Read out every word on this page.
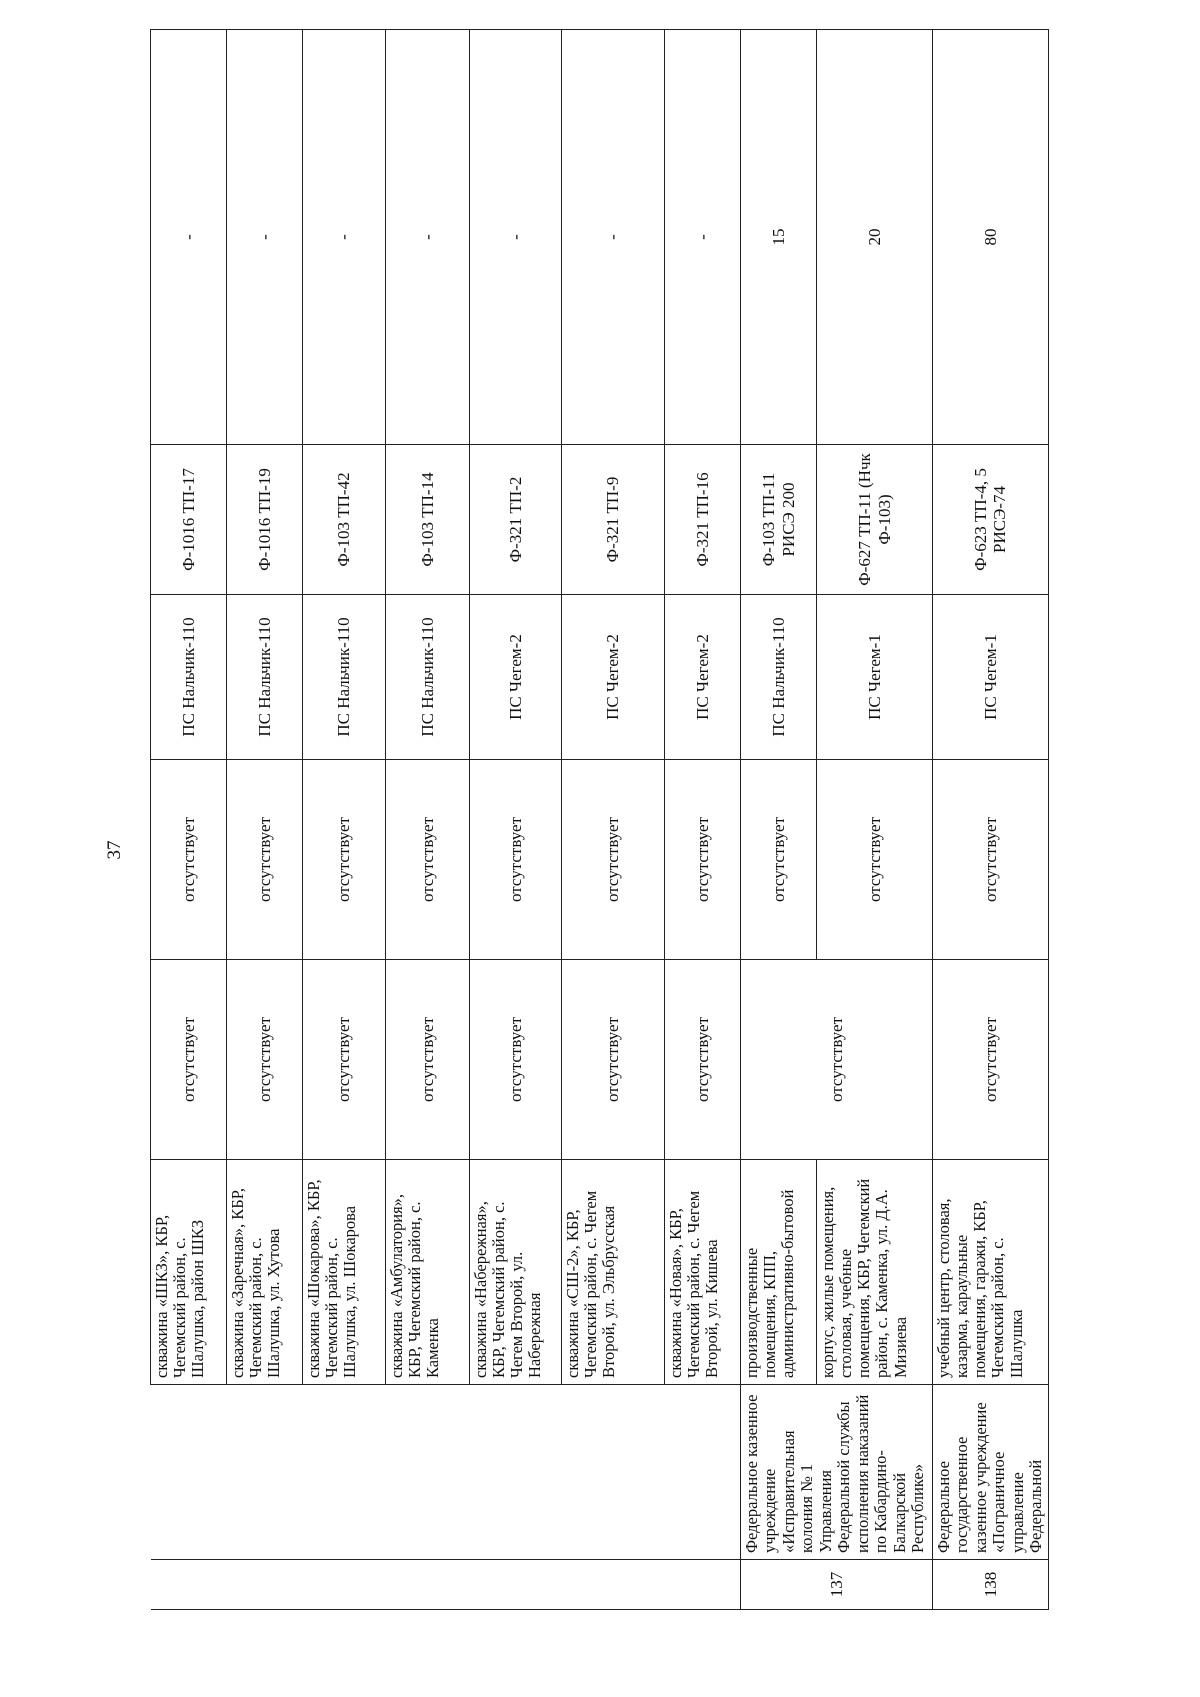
37
		скважина «ШКЗ», КБР, Чегемский район, с. Шалушка, район ШКЗ	отсутствует	отсутствует	ПС Нальчик-110	Ф-1016 ТП-17	-
		скважина «Заречная», КБР, Чегемский район, с. Шалушка, ул. Хутова	отсутствует	отсутствует	ПС Нальчик-110	Ф-1016 ТП-19	-
		скважина «Шокарова», КБР, Чегемский район, с. Шалушка, ул. Шокарова	отсутствует	отсутствует	ПС Нальчик-110	Ф-103 ТП-42	-
		скважина «Амбулатория», КБР, Чегемский район, с. Каменка	отсутствует	отсутствует	ПС Нальчик-110	Ф-103 ТП-14	-
		скважина «Набережная», КБР, Чегемский район, с. Чегем Второй, ул. Набережная	отсутствует	отсутствует	ПС Чегем-2	Ф-321 ТП-2	-
		скважина «СШ-2», КБР, Чегемский район, с. Чегем Второй, ул. Эльбрусская	отсутствует	отсутствует	ПС Чегем-2	Ф-321 ТП-9	-
		скважина «Новая», КБР, Чегемский район, с. Чегем Второй, ул. Кишева	отсутствует	отсутствует	ПС Чегем-2	Ф-321 ТП-16	-
137	Федеральное казенное учреждение «Исправительная колония № 1 Управления Федеральной службы исполнения наказаний по Кабардино-Балкарской Республике»	производственные помещения, КПП, административно-бытовой	отсутствует	отсутствует	ПС Нальчик-110	Ф-103 ТП-11 РИСЭ 200	15
		корпус, жилые помещения, столовая, учебные помещения, КБР, Чегемский район, с. Каменка, ул. Д.А. Мизиева		отсутствует	ПС Чегем-1	Ф-627 ТП-11 (Нчк Ф-103)	20
138	Федеральное государственное казенное учреждение «Пограничное управление Федеральной	учебный центр, столовая, казарма, караульные помещения, гаражи, КБР, Чегемский район, с. Шалушка	отсутствует	отсутствует	ПС Чегем-1	Ф-623 ТП-4, 5 РИСЭ-74	80
